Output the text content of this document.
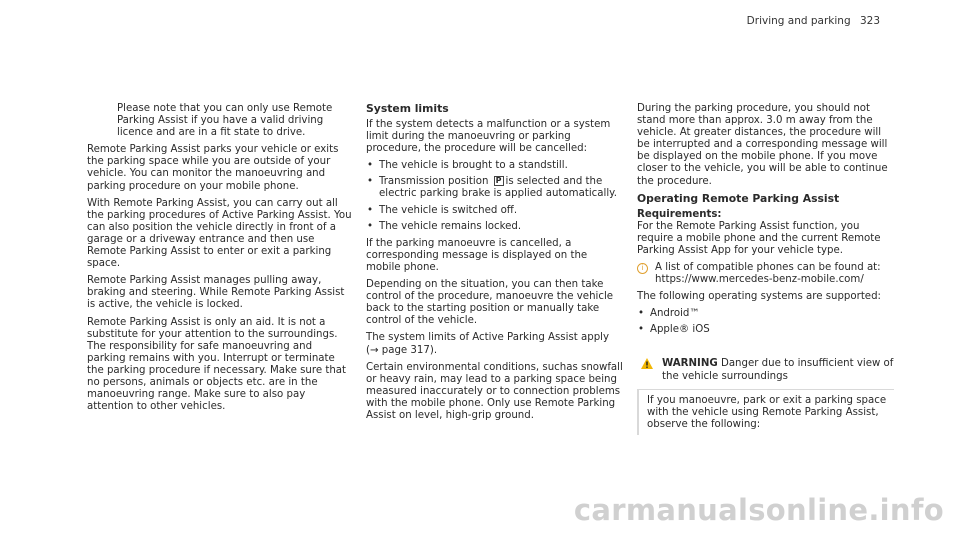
Driving and parking 323

Please note that you can only use Remote Parking Assist if you have a valid driving licence and are in a fit state to drive.

Remote Parking Assist parks your vehicle or exits the parking space while you are outside of your vehicle. You can monitor the manoeuvring and parking procedure on your mobile phone.

With Remote Parking Assist, you can carry out all the parking procedures of Active Parking Assist. You can also position the vehicle directly in front of a garage or a driveway entrance and then use Remote Parking Assist to enter or exit a parking space.

Remote Parking Assist manages pulling away, braking and steering. While Remote Parking Assist is active, the vehicle is locked.

Remote Parking Assist is only an aid. It is not a substitute for your attention to the surroundings. The responsibility for safe manoeuvring and parking remains with you. Interrupt or terminate the parking procedure if necessary. Make sure that no persons, animals or objects etc. are in the manoeuvring range. Make sure to also pay attention to other vehicles.

System limits

If the system detects a malfunction or a system limit during the manoeuvring or parking procedure, the procedure will be cancelled:

• The vehicle is brought to a standstill.
• Transmission position P is selected and the electric parking brake is applied automatically.
• The vehicle is switched off.
• The vehicle remains locked.

If the parking manoeuvre is cancelled, a corresponding message is displayed on the mobile phone.

Depending on the situation, you can then take control of the procedure, manoeuvre the vehicle back to the starting position or manually take control of the vehicle.

The system limits of Active Parking Assist apply (→ page 317).

Certain environmental conditions, suchas snowfall or heavy rain, may lead to a parking space being measured inaccurately or to connection problems with the mobile phone. Only use Remote Parking Assist on level, high-grip ground.

During the parking procedure, you should not stand more than approx. 3.0 m away from the vehicle. At greater distances, the procedure will be interrupted and a corresponding message will be displayed on the mobile phone. If you move closer to the vehicle, you will be able to continue the procedure.

Operating Remote Parking Assist
Requirements:

For the Remote Parking Assist function, you require a mobile phone and the current Remote Parking Assist App for your vehicle type.

i	A list of compatible phones can be found at: https://www.mercedes-benz-mobile.com/

The following operating systems are supported:

• Android™
• Apple® iOS
WARNING Danger due to insufficient view of the vehicle surroundings
If you manoeuvre, park or exit a parking space with the vehicle using Remote Parking Assist, observe the following:
carmanualsonline.info
